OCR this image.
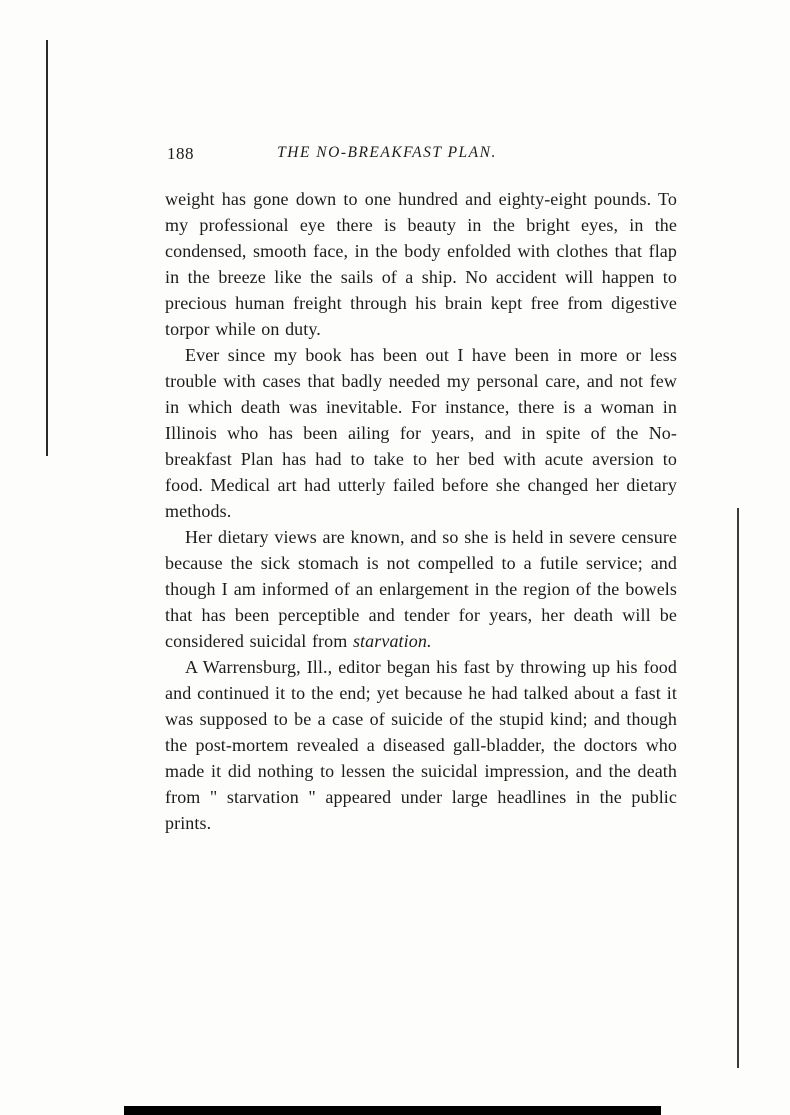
188	THE NO-BREAKFAST PLAN.

weight has gone down to one hundred and eighty-eight pounds. To my professional eye there is beauty in the bright eyes, in the condensed, smooth face, in the body enfolded with clothes that flap in the breeze like the sails of a ship. No accident will happen to precious human freight through his brain kept free from digestive torpor while on duty.

Ever since my book has been out I have been in more or less trouble with cases that badly needed my personal care, and not few in which death was inevitable. For instance, there is a woman in Illinois who has been ailing for years, and in spite of the No-breakfast Plan has had to take to her bed with acute aversion to food. Medical art had utterly failed before she changed her dietary methods.

Her dietary views are known, and so she is held in severe censure because the sick stomach is not compelled to a futile service; and though I am informed of an enlargement in the region of the bowels that has been perceptible and tender for years, her death will be considered suicidal from starvation.

A Warrensburg, Ill., editor began his fast by throwing up his food and continued it to the end; yet because he had talked about a fast it was supposed to be a case of suicide of the stupid kind; and though the post-mortem revealed a diseased gall-bladder, the doctors who made it did nothing to lessen the suicidal impression, and the death from " starvation " appeared under large headlines in the public prints.
